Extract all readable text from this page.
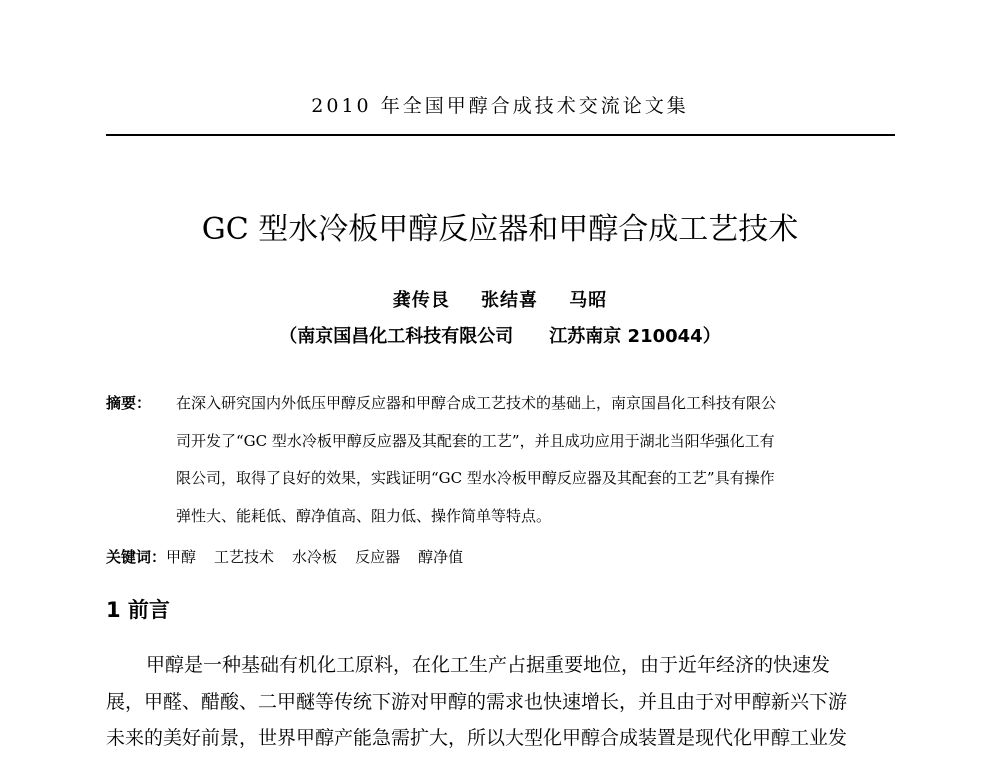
2010 年全国甲醇合成技术交流论文集
GC 型水冷板甲醇反应器和甲醇合成工艺技术
龚传艮 张结喜 马昭
（南京国昌化工科技有限公司 江苏南京 210044）
摘要： 在深入研究国内外低压甲醇反应器和甲醇合成工艺技术的基础上，南京国昌化工科技有限公
司开发了“GC 型水冷板甲醇反应器及其配套的工艺”，并且成功应用于湖北当阳华强化工有
限公司，取得了良好的效果，实践证明“GC 型水冷板甲醇反应器及其配套的工艺”具有操作
弹性大、能耗低、醇净值高、阻力低、操作简单等特点。
关键词：甲醇 工艺技术 水冷板 反应器 醇净值
1 前言
甲醇是一种基础有机化工原料，在化工生产占据重要地位，由于近年经济的快速发
展，甲醛、醋酸、二甲醚等传统下游对甲醇的需求也快速增长，并且由于对甲醇新兴下游
未来的美好前景，世界甲醇产能急需扩大，所以大型化甲醇合成装置是现代化甲醇工业发
